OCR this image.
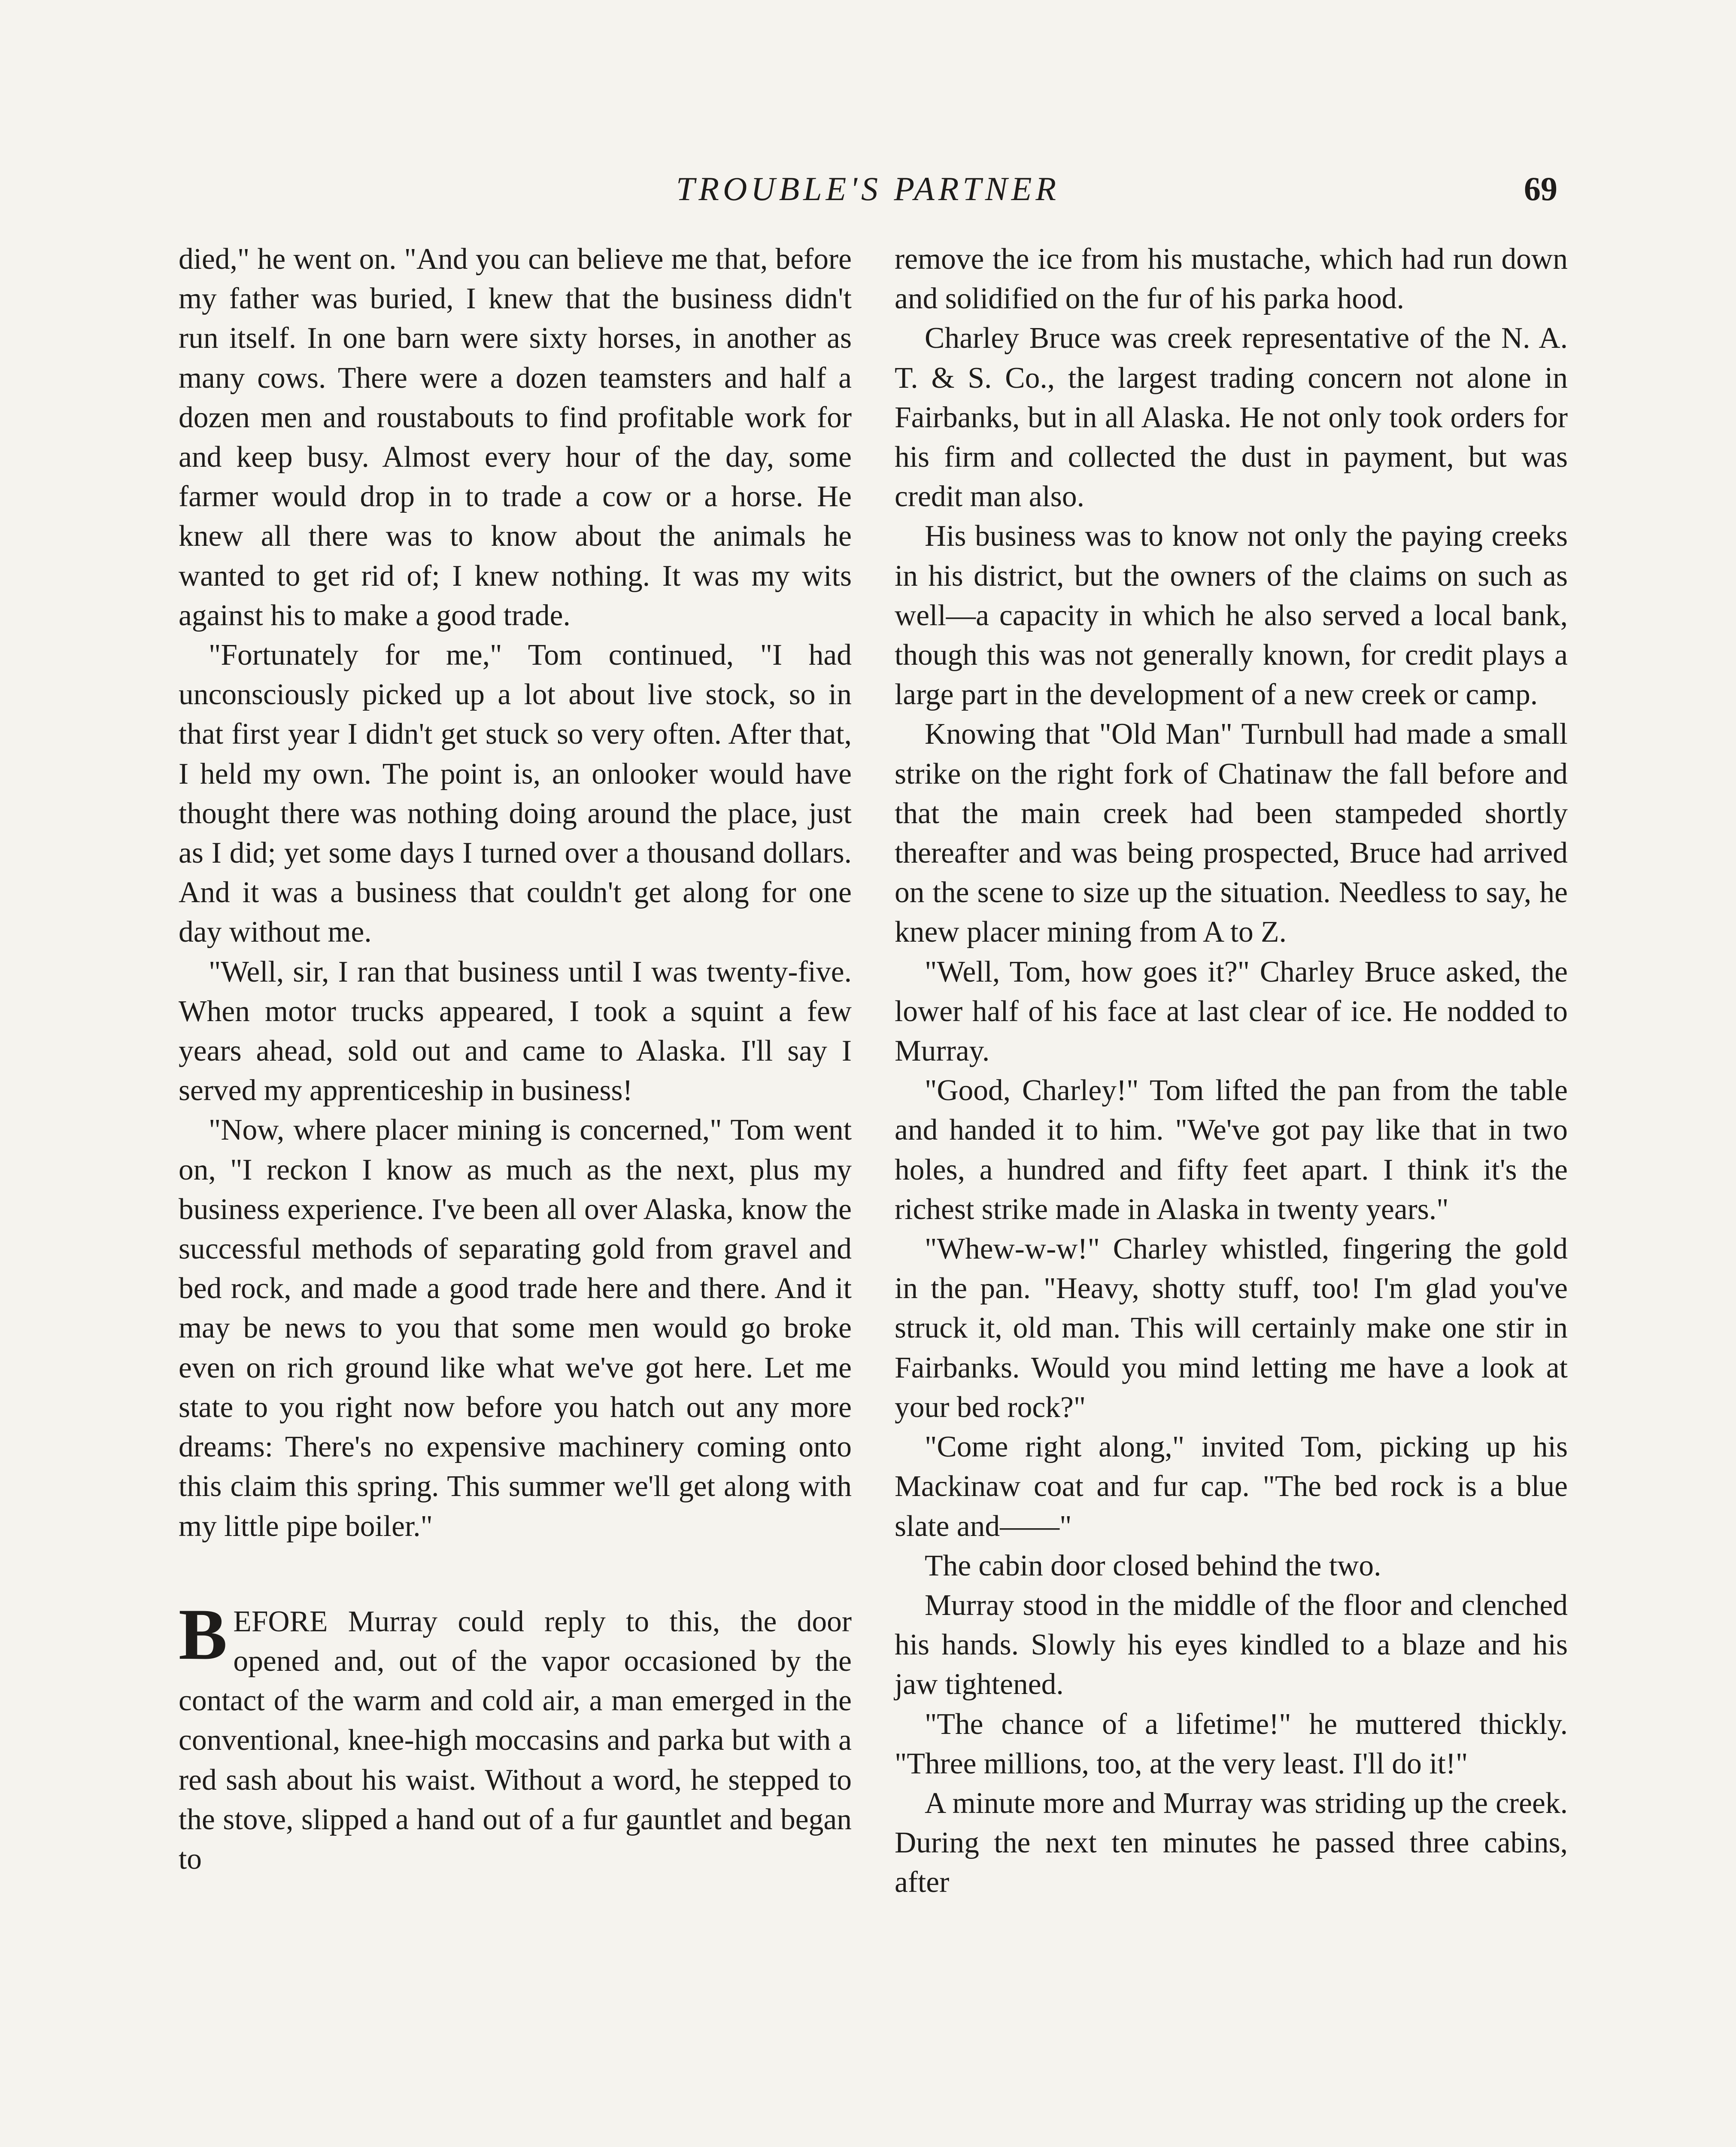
TROUBLE'S PARTNER	69

died," he went on. "And you can believe me that, before my father was buried, I knew that the business didn't run itself. In one barn were sixty horses, in another as many cows. There were a dozen teamsters and half a dozen men and roustabouts to find profitable work for and keep busy. Almost every hour of the day, some farmer would drop in to trade a cow or a horse. He knew all there was to know about the animals he wanted to get rid of; I knew nothing. It was my wits against his to make a good trade.

"Fortunately for me," Tom continued, "I had unconsciously picked up a lot about live stock, so in that first year I didn't get stuck so very often. After that, I held my own. The point is, an onlooker would have thought there was nothing doing around the place, just as I did; yet some days I turned over a thousand dollars. And it was a business that couldn't get along for one day without me.

"Well, sir, I ran that business until I was twenty-five. When motor trucks appeared, I took a squint a few years ahead, sold out and came to Alaska. I'll say I served my apprenticeship in business!

"Now, where placer mining is concerned," Tom went on, "I reckon I know as much as the next, plus my business experience. I've been all over Alaska, know the successful methods of separating gold from gravel and bed rock, and made a good trade here and there. And it may be news to you that some men would go broke even on rich ground like what we've got here. Let me state to you right now before you hatch out any more dreams: There's no expensive machinery coming onto this claim this spring. This summer we'll get along with my little pipe boiler."

BEFORE Murray could reply to this, the door opened and, out of the vapor occasioned by the contact of the warm and cold air, a man emerged in the conventional, knee-high moccasins and parka but with a red sash about his waist. Without a word, he stepped to the stove, slipped a hand out of a fur gauntlet and began to

remove the ice from his mustache, which had run down and solidified on the fur of his parka hood.

Charley Bruce was creek representative of the N. A. T. & S. Co., the largest trading concern not alone in Fairbanks, but in all Alaska. He not only took orders for his firm and collected the dust in payment, but was credit man also.

His business was to know not only the paying creeks in his district, but the owners of the claims on such as well—a capacity in which he also served a local bank, though this was not generally known, for credit plays a large part in the development of a new creek or camp.

Knowing that "Old Man" Turnbull had made a small strike on the right fork of Chatinaw the fall before and that the main creek had been stampeded shortly thereafter and was being prospected, Bruce had arrived on the scene to size up the situation. Needless to say, he knew placer mining from A to Z.

"Well, Tom, how goes it?" Charley Bruce asked, the lower half of his face at last clear of ice. He nodded to Murray.

"Good, Charley!" Tom lifted the pan from the table and handed it to him. "We've got pay like that in two holes, a hundred and fifty feet apart. I think it's the richest strike made in Alaska in twenty years."

"Whew-w-w!" Charley whistled, fingering the gold in the pan. "Heavy, shotty stuff, too! I'm glad you've struck it, old man. This will certainly make one stir in Fairbanks. Would you mind letting me have a look at your bed rock?"

"Come right along," invited Tom, picking up his Mackinaw coat and fur cap. "The bed rock is a blue slate and——"

The cabin door closed behind the two.

Murray stood in the middle of the floor and clenched his hands. Slowly his eyes kindled to a blaze and his jaw tightened.

"The chance of a lifetime!" he muttered thickly. "Three millions, too, at the very least. I'll do it!"

A minute more and Murray was striding up the creek. During the next ten minutes he passed three cabins, after
